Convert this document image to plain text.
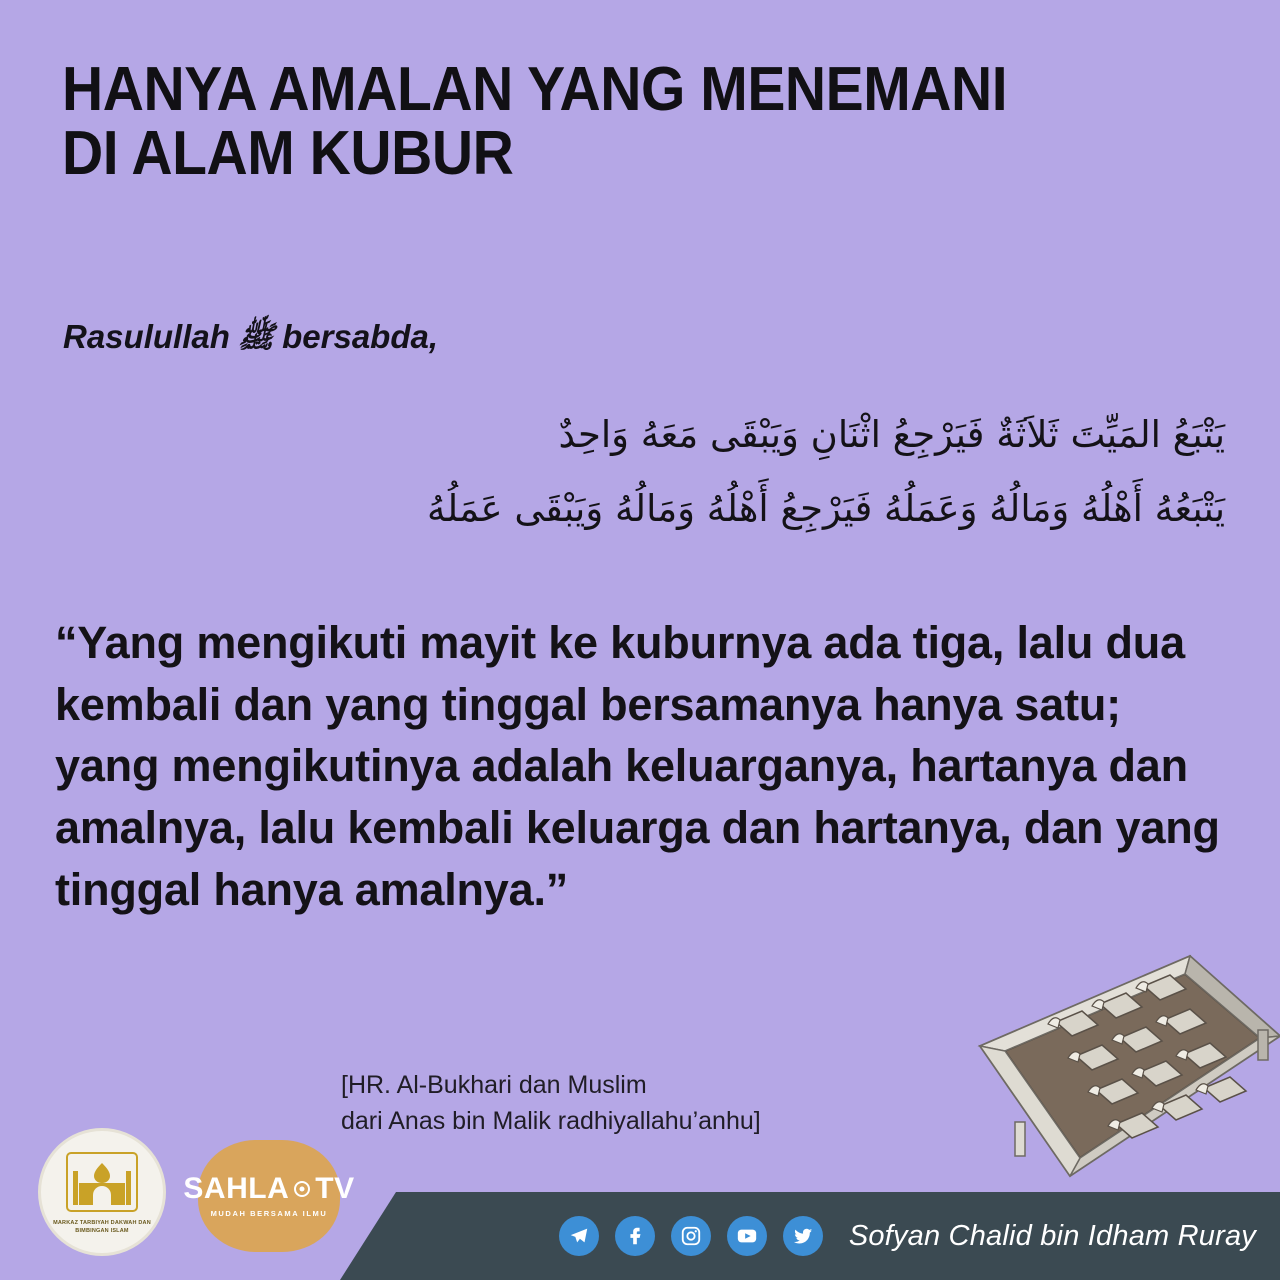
HANYA AMALAN YANG MENEMANI
DI ALAM KUBUR
Rasulullah ﷺ bersabda,
يَتْبَعُ المَيِّتَ ثَلاَثَةٌ فَيَرْجِعُ اثْنَانِ وَيَبْقَى مَعَهُ وَاحِدٌ
يَتْبَعُهُ أَهْلُهُ وَمَالُهُ وَعَمَلُهُ فَيَرْجِعُ أَهْلُهُ وَمَالُهُ وَيَبْقَى عَمَلُهُ
“Yang mengikuti mayit ke kuburnya ada tiga, lalu dua kembali dan yang tinggal bersamanya hanya satu; yang mengikutinya adalah keluarganya, hartanya dan amalnya, lalu kembali keluarga dan hartanya, dan yang tinggal hanya amalnya.”
[HR. Al-Bukhari dan Muslim
dari Anas bin Malik radhiyallahu’anhu]
Sofyan Chalid bin Idham Ruray
MARKAZ TARBIYAH DAKWAH DAN BIMBINGAN ISLAM
SAHLA TV
MUDAH BERSAMA ILMU
